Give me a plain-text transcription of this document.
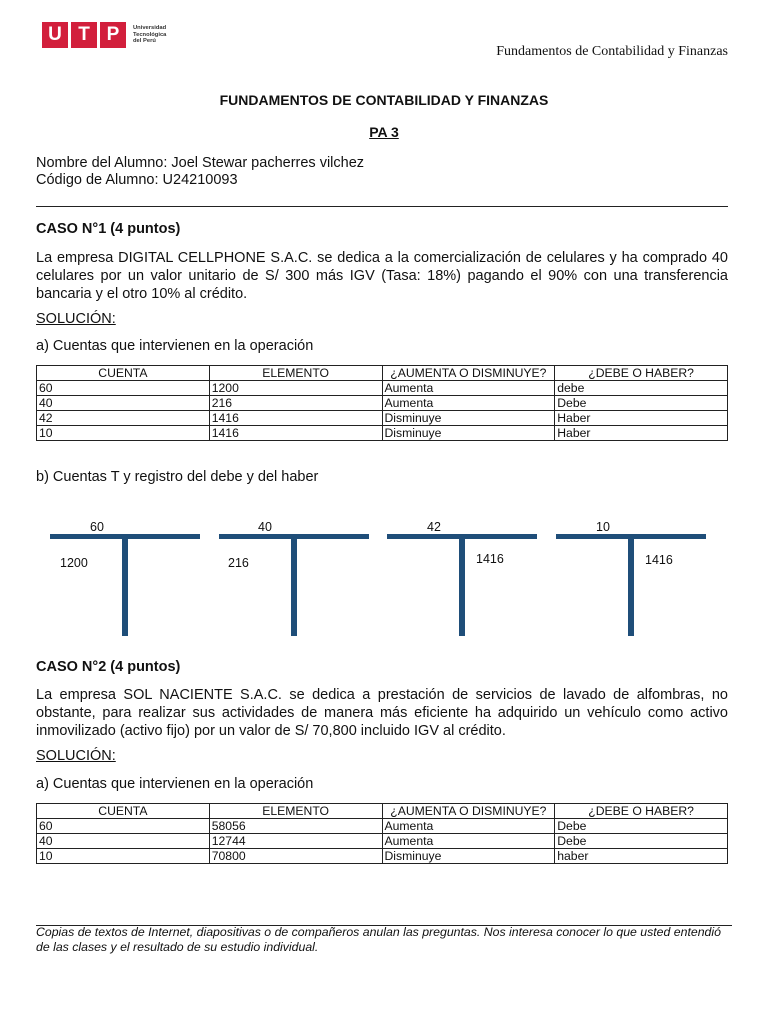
U T P	Universidad
Tecnológica
del Perú
Fundamentos de Contabilidad y Finanzas
FUNDAMENTOS DE CONTABILIDAD Y FINANZAS
PA 3
Nombre del Alumno: Joel Stewar pacherres vilchez
Código de Alumno: U24210093
CASO N°1 (4 puntos)
La empresa DIGITAL CELLPHONE S.A.C. se dedica a la comercialización de celulares y ha comprado 40 celulares por un valor unitario de S/ 300 más IGV (Tasa: 18%) pagando el 90% con una transferencia bancaria y el otro 10% al crédito.
SOLUCIÓN:
a) Cuentas que intervienen en la operación
CUENTA	ELEMENTO	¿AUMENTA O DISMINUYE?	¿DEBE O HABER?
60	1200	Aumenta	debe
40	216	Aumenta	Debe
42	1416	Disminuye	Haber
10	1416	Disminuye	Haber
b) Cuentas T y registro del debe y del haber
60
1200
40
216
42
1416
10
1416
CASO N°2 (4 puntos)
La empresa SOL NACIENTE S.A.C. se dedica a prestación de servicios de lavado de alfombras, no obstante, para realizar sus actividades de manera más eficiente ha adquirido un vehículo como activo inmovilizado (activo fijo) por un valor de S/ 70,800 incluido IGV al crédito.
SOLUCIÓN:
a) Cuentas que intervienen en la operación
CUENTA	ELEMENTO	¿AUMENTA O DISMINUYE?	¿DEBE O HABER?
60	58056	Aumenta	Debe
40	12744	Aumenta	Debe
10	70800	Disminuye	haber
Copias de textos de Internet, diapositivas o de compañeros anulan las preguntas. Nos interesa conocer lo que usted entendió de las clases y el resultado de su estudio individual.
